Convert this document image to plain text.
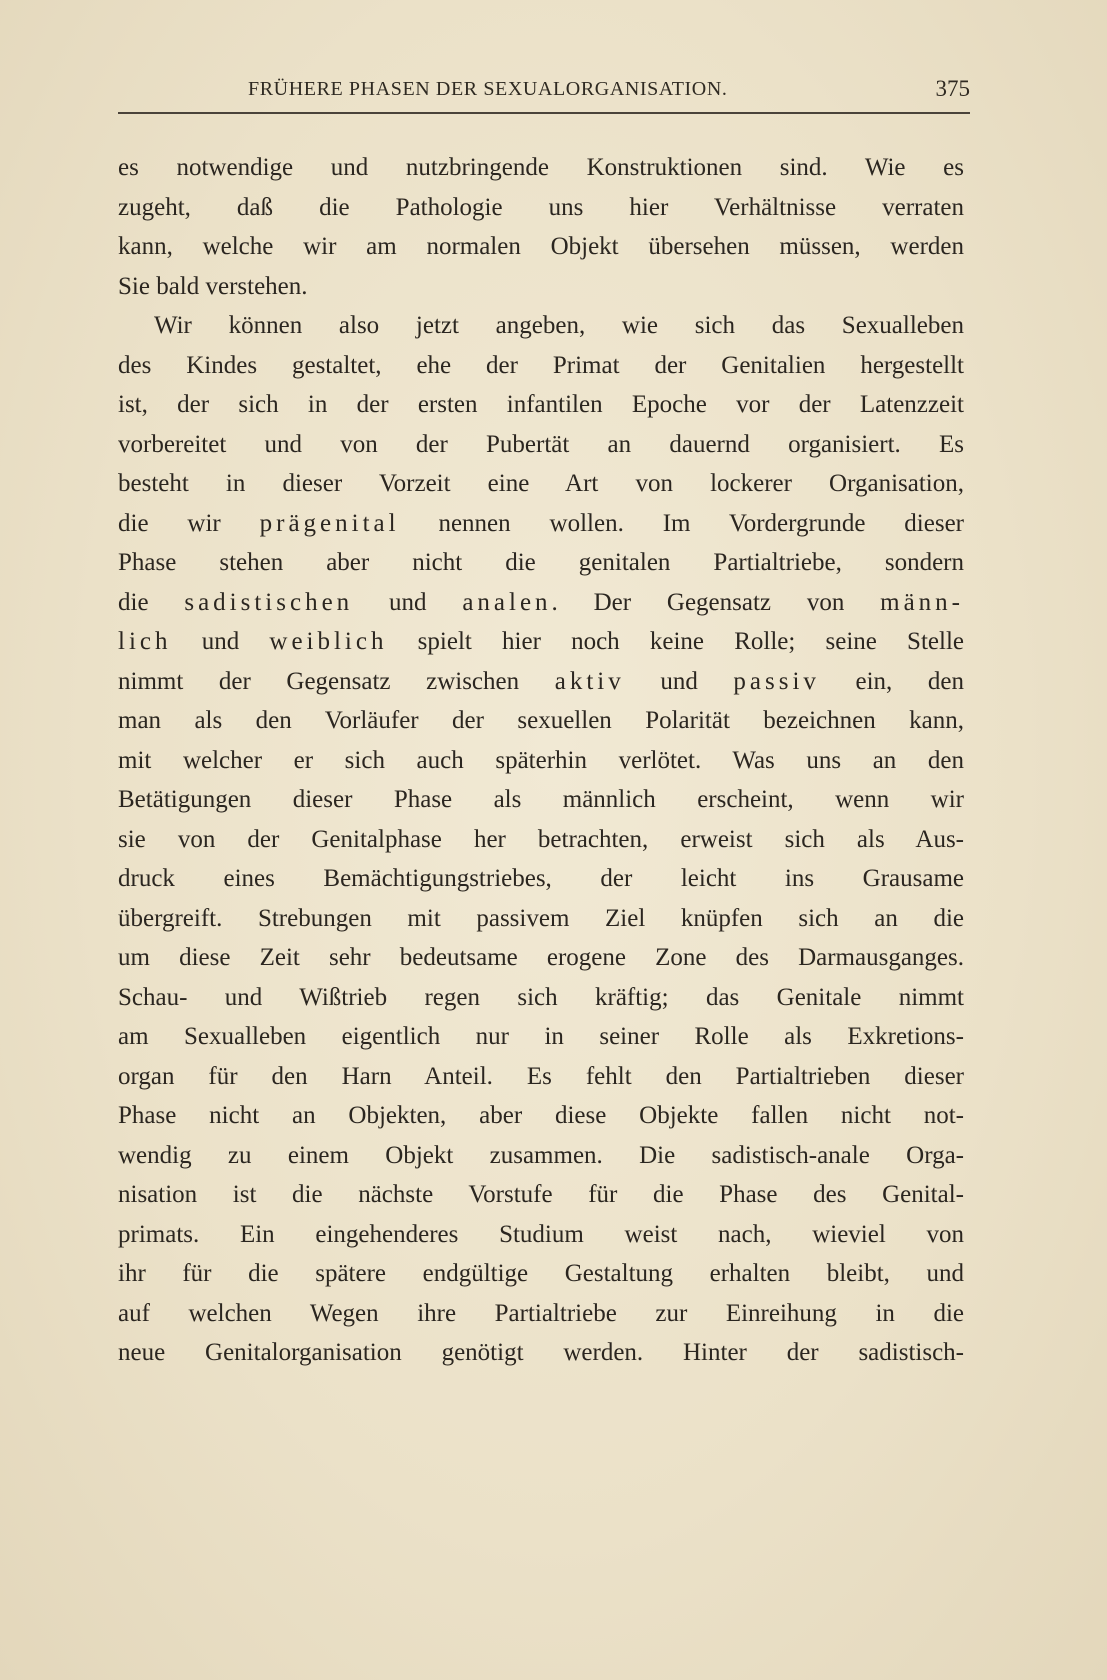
FRÜHERE PHASEN DER SEXUALORGANISATION.	375
es notwendige und nutzbringende Konstruktionen sind. Wie es
zugeht, daß die Pathologie uns hier Verhältnisse verraten
kann, welche wir am normalen Objekt übersehen müssen, werden
Sie bald verstehen.
Wir können also jetzt angeben, wie sich das Sexualleben
des Kindes gestaltet, ehe der Primat der Genitalien hergestellt
ist, der sich in der ersten infantilen Epoche vor der Latenzzeit
vorbereitet und von der Pubertät an dauernd organisiert. Es
besteht in dieser Vorzeit eine Art von lockerer Organisation,
die wir prägenital nennen wollen. Im Vordergrunde dieser
Phase stehen aber nicht die genitalen Partialtriebe, sondern
die sadistischen und analen. Der Gegensatz von männ-
lich und weiblich spielt hier noch keine Rolle; seine Stelle
nimmt der Gegensatz zwischen aktiv und passiv ein, den
man als den Vorläufer der sexuellen Polarität bezeichnen kann,
mit welcher er sich auch späterhin verlötet. Was uns an den
Betätigungen dieser Phase als männlich erscheint, wenn wir
sie von der Genitalphase her betrachten, erweist sich als Aus-
druck eines Bemächtigungstriebes, der leicht ins Grausame
übergreift. Strebungen mit passivem Ziel knüpfen sich an die
um diese Zeit sehr bedeutsame erogene Zone des Darmausganges.
Schau- und Wißtrieb regen sich kräftig; das Genitale nimmt
am Sexualleben eigentlich nur in seiner Rolle als Exkretions-
organ für den Harn Anteil. Es fehlt den Partialtrieben dieser
Phase nicht an Objekten, aber diese Objekte fallen nicht not-
wendig zu einem Objekt zusammen. Die sadistisch-anale Orga-
nisation ist die nächste Vorstufe für die Phase des Genital-
primats. Ein eingehenderes Studium weist nach, wieviel von
ihr für die spätere endgültige Gestaltung erhalten bleibt, und
auf welchen Wegen ihre Partialtriebe zur Einreihung in die
neue Genitalorganisation genötigt werden. Hinter der sadistisch-
